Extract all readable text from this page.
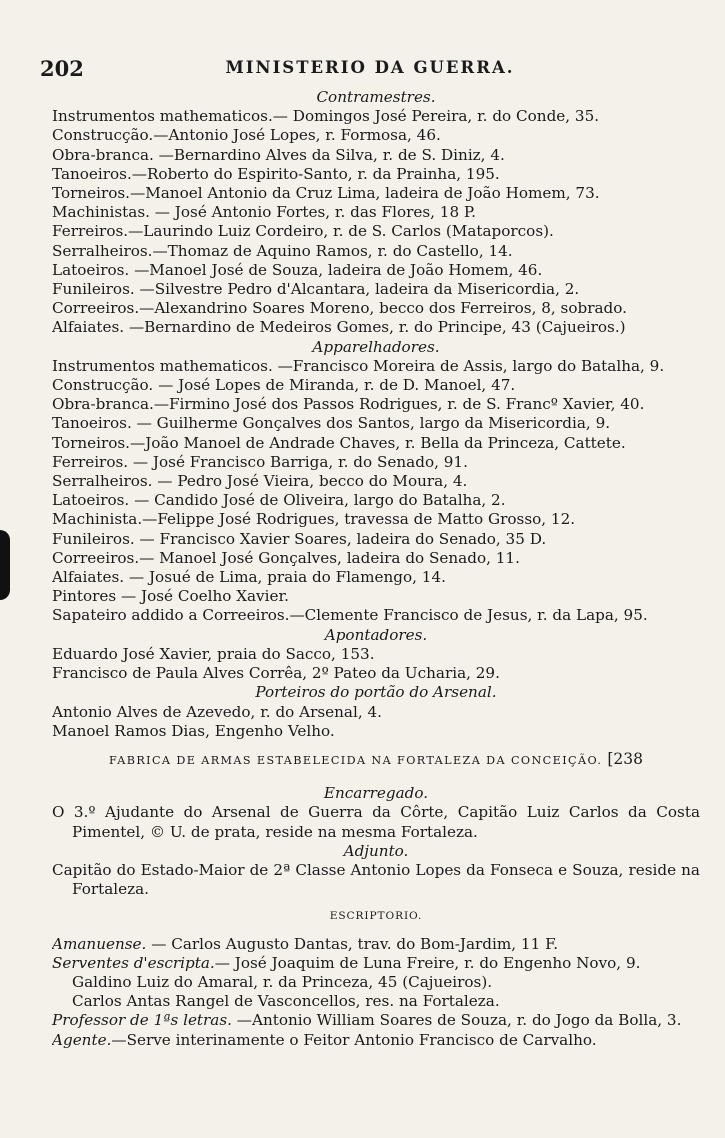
202	MINISTERIO DA GUERRA.
Contramestres.
Instrumentos mathematicos.— Domingos José Pereira, r. do Conde, 35.
Construcção.—Antonio José Lopes, r. Formosa, 46.
Obra-branca. —Bernardino Alves da Silva, r. de S. Diniz, 4.
Tanoeiros.—Roberto do Espirito-Santo, r. da Prainha, 195.
Torneiros.—Manoel Antonio da Cruz Lima, ladeira de João Homem, 73.
Machinistas. — José Antonio Fortes, r. das Flores, 18 P.
Ferreiros.—Laurindo Luiz Cordeiro, r. de S. Carlos (Mataporcos).
Serralheiros.—Thomaz de Aquino Ramos, r. do Castello, 14.
Latoeiros. —Manoel José de Souza, ladeira de João Homem, 46.
Funileiros. —Silvestre Pedro d'Alcantara, ladeira da Misericordia, 2.
Correeiros.—Alexandrino Soares Moreno, becco dos Ferreiros, 8, sobrado.
Alfaiates. —Bernardino de Medeiros Gomes, r. do Principe, 43 (Cajueiros.)
Apparelhadores.
Instrumentos mathematicos. —Francisco Moreira de Assis, largo do Batalha, 9.
Construcção. — José Lopes de Miranda, r. de D. Manoel, 47.
Obra-branca.—Firmino José dos Passos Rodrigues, r. de S. Francº Xavier, 40.
Tanoeiros. — Guilherme Gonçalves dos Santos, largo da Misericordia, 9.
Torneiros.—João Manoel de Andrade Chaves, r. Bella da Princeza, Cattete.
Ferreiros. — José Francisco Barriga, r. do Senado, 91.
Serralheiros. — Pedro José Vieira, becco do Moura, 4.
Latoeiros. — Candido José de Oliveira, largo do Batalha, 2.
Machinista.—Felippe José Rodrigues, travessa de Matto Grosso, 12.
Funileiros. — Francisco Xavier Soares, ladeira do Senado, 35 D.
Correeiros.— Manoel José Gonçalves, ladeira do Senado, 11.
Alfaiates. — Josué de Lima, praia do Flamengo, 14.
Pintores — José Coelho Xavier.
Sapateiro addido a Correeiros.—Clemente Francisco de Jesus, r. da Lapa, 95.
Apontadores.
Eduardo José Xavier, praia do Sacco, 153.
Francisco de Paula Alves Corrêa, 2º Pateo da Ucharia, 29.
Porteiros do portão do Arsenal.
Antonio Alves de Azevedo, r. do Arsenal, 4.
Manoel Ramos Dias, Engenho Velho.
FABRICA DE ARMAS ESTABELECIDA NA FORTALEZA DA CONCEIÇÃO. [238
Encarregado.
O 3.º Ajudante do Arsenal de Guerra da Côrte, Capitão Luiz Carlos da Costa Pimentel, © U. de prata, reside na mesma Fortaleza.
Adjunto.
Capitão do Estado-Maior de 2ª Classe Antonio Lopes da Fonseca e Souza, reside na Fortaleza.
ESCRIPTORIO.
Amanuense. — Carlos Augusto Dantas, trav. do Bom-Jardim, 11 F.
Serventes d'escripta.— José Joaquim de Luna Freire, r. do Engenho Novo, 9.
Galdino Luiz do Amaral, r. da Princeza, 45 (Cajueiros).
Carlos Antas Rangel de Vasconcellos, res. na Fortaleza.
Professor de 1ªs letras. —Antonio William Soares de Souza, r. do Jogo da Bolla, 3.
Agente.—Serve interinamente o Feitor Antonio Francisco de Carvalho.
